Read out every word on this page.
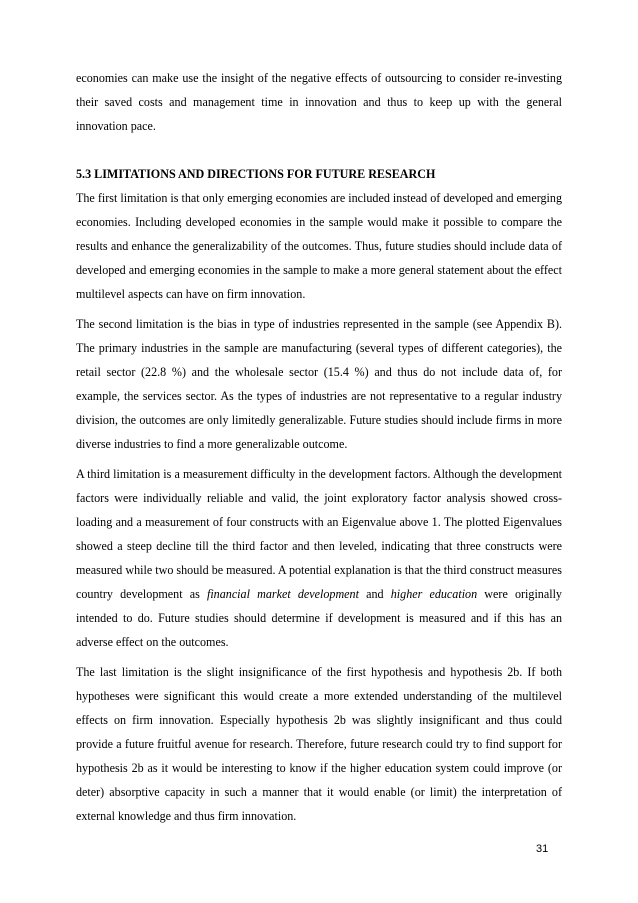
economies can make use the insight of the negative effects of outsourcing to consider re-investing their saved costs and management time in innovation and thus to keep up with the general innovation pace.

5.3 LIMITATIONS AND DIRECTIONS FOR FUTURE RESEARCH

The first limitation is that only emerging economies are included instead of developed and emerging economies. Including developed economies in the sample would make it possible to compare the results and enhance the generalizability of the outcomes. Thus, future studies should include data of developed and emerging economies in the sample to make a more general statement about the effect multilevel aspects can have on firm innovation.

The second limitation is the bias in type of industries represented in the sample (see Appendix B). The primary industries in the sample are manufacturing (several types of different categories), the retail sector (22.8 %) and the wholesale sector (15.4 %) and thus do not include data of, for example, the services sector. As the types of industries are not representative to a regular industry division, the outcomes are only limitedly generalizable. Future studies should include firms in more diverse industries to find a more generalizable outcome.

A third limitation is a measurement difficulty in the development factors. Although the development factors were individually reliable and valid, the joint exploratory factor analysis showed cross-loading and a measurement of four constructs with an Eigenvalue above 1. The plotted Eigenvalues showed a steep decline till the third factor and then leveled, indicating that three constructs were measured while two should be measured. A potential explanation is that the third construct measures country development as financial market development and higher education were originally intended to do. Future studies should determine if development is measured and if this has an adverse effect on the outcomes.

The last limitation is the slight insignificance of the first hypothesis and hypothesis 2b. If both hypotheses were significant this would create a more extended understanding of the multilevel effects on firm innovation. Especially hypothesis 2b was slightly insignificant and thus could provide a future fruitful avenue for research. Therefore, future research could try to find support for hypothesis 2b as it would be interesting to know if the higher education system could improve (or deter) absorptive capacity in such a manner that it would enable (or limit) the interpretation of external knowledge and thus firm innovation.

31
